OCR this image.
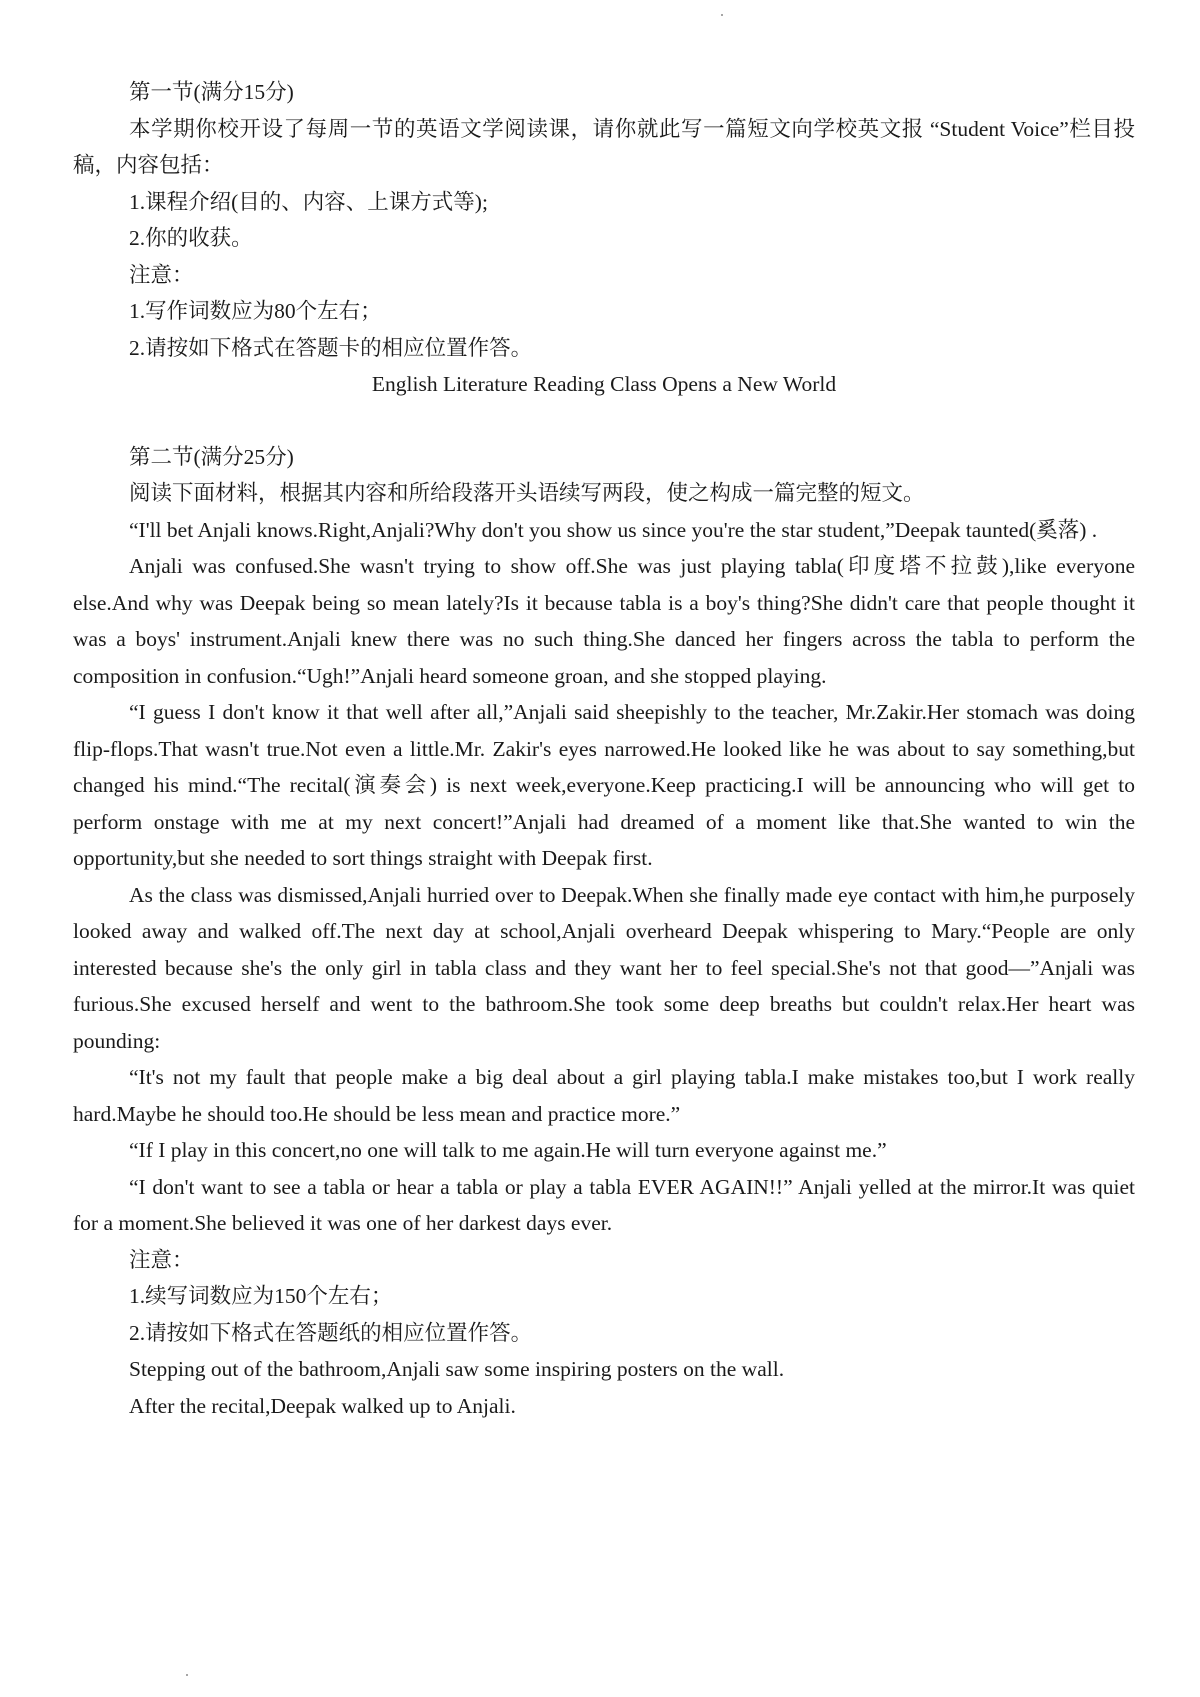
第一节(满分15分)

本学期你校开设了每周一节的英语文学阅读课，请你就此写一篇短文向学校英文报 “Student Voice”栏目投稿，内容包括：

1.课程介绍(目的、内容、上课方式等);

2.你的收获。

注意：

1.写作词数应为80个左右；

2.请按如下格式在答题卡的相应位置作答。

English Literature Reading Class Opens a New World

第二节(满分25分)

阅读下面材料，根据其内容和所给段落开头语续写两段，使之构成一篇完整的短文。

“I'll bet Anjali knows.Right,Anjali?Why don't you show us since you're the star student,”Deepak taunted(奚落) .

Anjali was confused.She wasn't trying to show off.She was just playing tabla(印度塔不拉鼓),like everyone else.And why was Deepak being so mean lately?Is it because tabla is a boy's thing?She didn't care that people thought it was a boys' instrument.Anjali knew there was no such thing.She danced her fingers across the tabla to perform the composition in confusion.“Ugh!”Anjali heard someone groan, and she stopped playing.

“I guess I don't know it that well after all,”Anjali said sheepishly to the teacher, Mr.Zakir.Her stomach was doing flip-flops.That wasn't true.Not even a little.Mr. Zakir's eyes narrowed.He looked like he was about to say something,but changed his mind.“The recital(演奏会) is next week,everyone.Keep practicing.I will be announcing who will get to perform onstage with me at my next concert!”Anjali had dreamed of a moment like that.She wanted to win the opportunity,but she needed to sort things straight with Deepak first.

As the class was dismissed,Anjali hurried over to Deepak.When she finally made eye contact with him,he purposely looked away and walked off.The next day at school,Anjali overheard Deepak whispering to Mary.“People are only interested because she's the only girl in tabla class and they want her to feel special.She's not that good—”Anjali was furious.She excused herself and went to the bathroom.She took some deep breaths but couldn't relax.Her heart was pounding:

“It's not my fault that people make a big deal about a girl playing tabla.I make mistakes too,but I work really hard.Maybe he should too.He should be less mean and practice more.”

“If I play in this concert,no one will talk to me again.He will turn everyone against me.”

“I don't want to see a tabla or hear a tabla or play a tabla EVER AGAIN!!” Anjali yelled at the mirror.It was quiet for a moment.She believed it was one of her darkest days ever.

注意：

1.续写词数应为150个左右；

2.请按如下格式在答题纸的相应位置作答。

Stepping out of the bathroom,Anjali saw some inspiring posters on the wall.

After the recital,Deepak walked up to Anjali.
